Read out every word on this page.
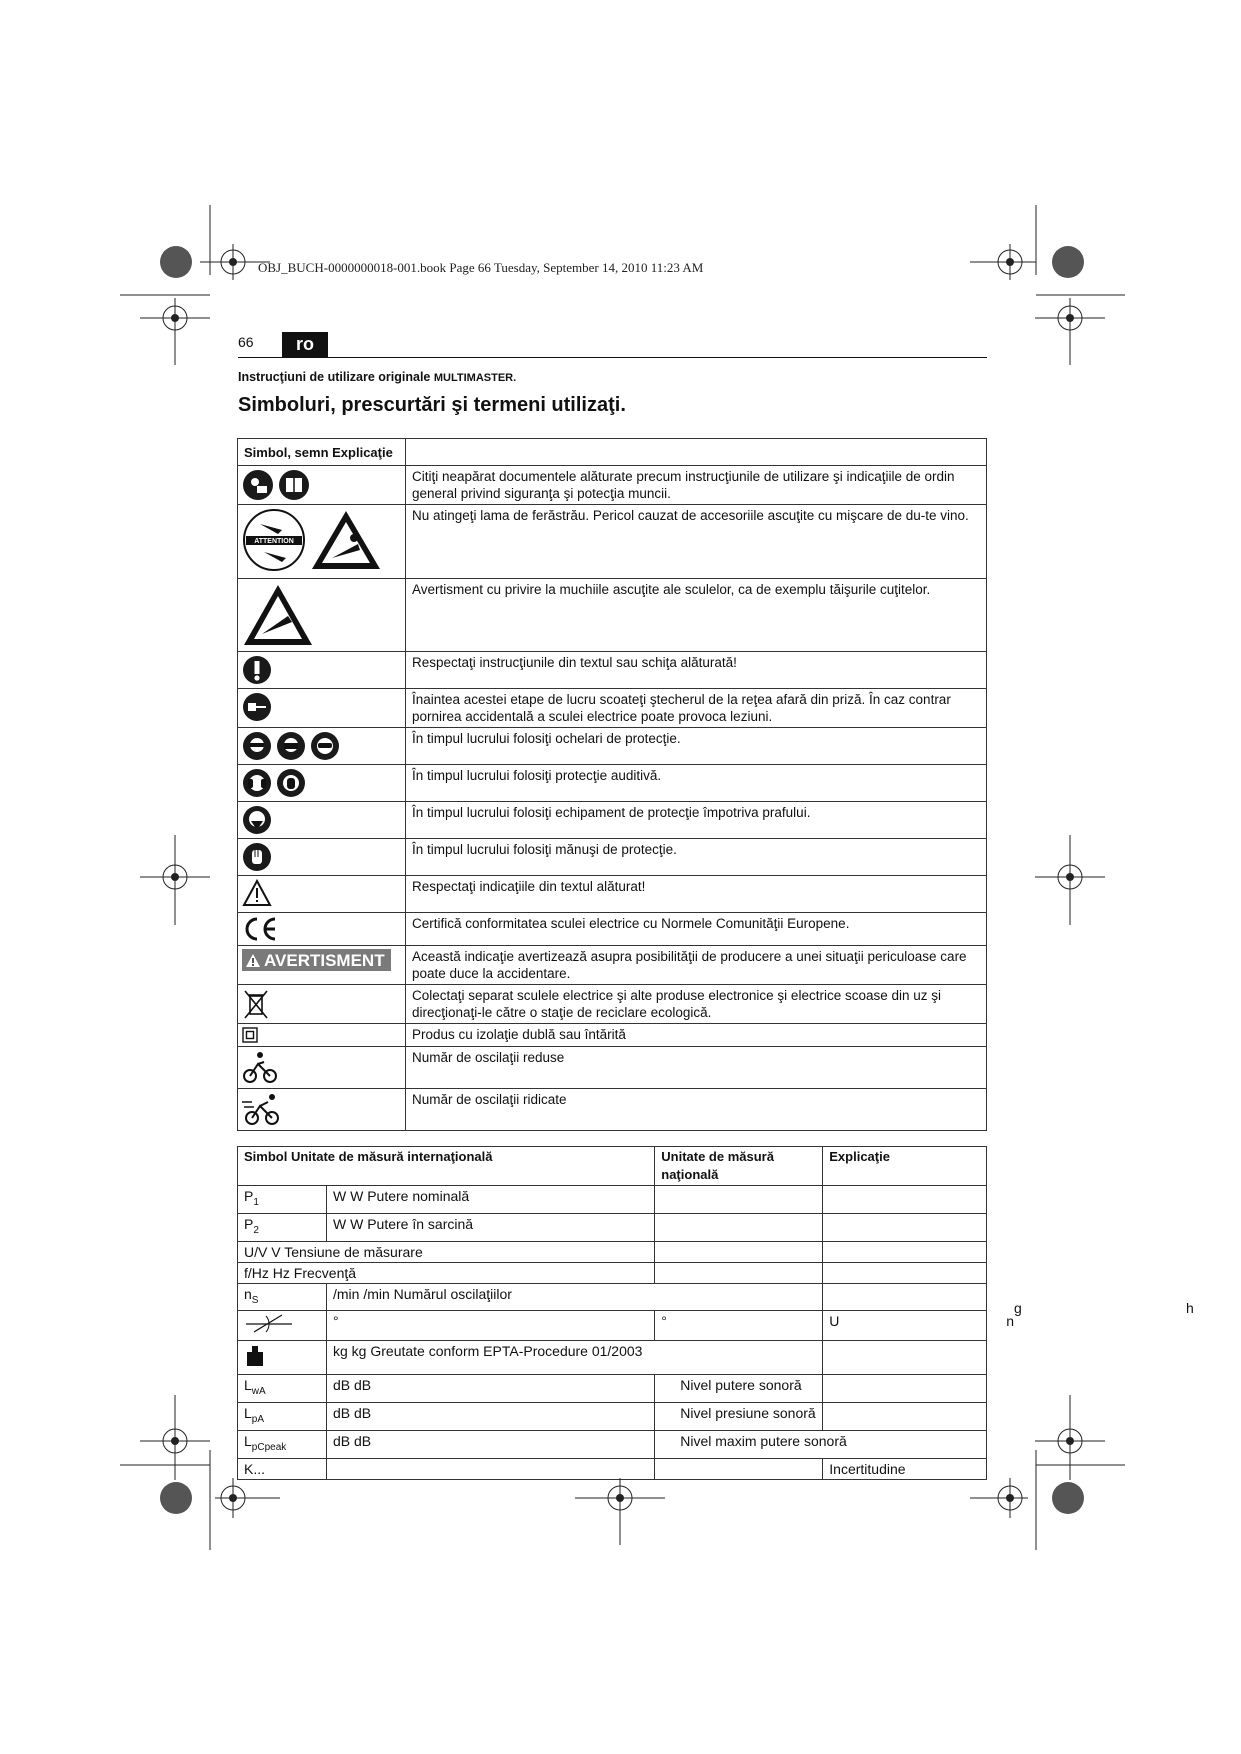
OBJ_BUCH-0000000018-001.book Page 66 Tuesday, September 14, 2010 11:23 AM
66	ro
Instrucţiuni de utilizare originale MULTIMASTER.
Simboluri, prescurtări şi termeni utilizaţi.
Simbol, semn Explicaţie	

	Citiţi neapărat documentele alăturate precum instrucţiunile de utilizare şi indicaţiile de ordin general privind siguranţa şi potecţia muncii.

ATTENTION	Nu atingeţi lama de ferăstrău. Pericol cauzat de accesoriile ascuţite cu mişcare de du-te vino.

	Avertisment cu privire la muchiile ascuţite ale sculelor, ca de exemplu tăişurile cuţitelor.

	Respectaţi instrucţiunile din textul sau schiţa alăturată!

	Înaintea acestei etape de lucru scoateţi ştecherul de la reţea afară din priză. În caz contrar pornirea accidentală a sculei electrice poate provoca leziuni.

	În timpul lucrului folosiţi ochelari de protecţie.

	În timpul lucrului folosiţi protecţie auditivă.

	În timpul lucrului folosiţi echipament de protecţie împotriva prafului.

	În timpul lucrului folosiţi mănuşi de protecţie.

	Respectaţi indicaţiile din textul alăturat!

	Certifică conformitatea sculei electrice cu Normele Comunităţii Europene.

AVERTISMENT	Această indicaţie avertizează asupra posibilităţii de producere a unei situaţii periculoase care poate duce la accidentare.

	Colectaţi separat sculele electrice şi alte produse electronice şi electrice scoase din uz şi direcţionaţi-le către o staţie de reciclare ecologică.

	Produs cu izolaţie dublă sau întărită

	Număr de oscilaţii reduse

	Număr de oscilaţii ridicate
Simbol Unitate de măsură internaţională		Unitate de măsură naţională	Explicaţie
$P_1$	W W Putere nominală		
$P_2$	W W Putere în sarcină		
U/V V Tensiune de măsurare			
f/Hz Hz Frecvenţă			
$n_S$	/min /min Numărul oscilaţiilor		

	°	°	U n

	kg kg Greutate conform EPTA-Procedure 01/2003		
$L_{wA}$	dB dB	Nivel putere sonoră	
$L_{pA}$	dB dB	Nivel presiune sonoră	
$L_{pCpeak}$	dB dB	Nivel maxim putere sonoră	
K...			Incertitudine
g	h
